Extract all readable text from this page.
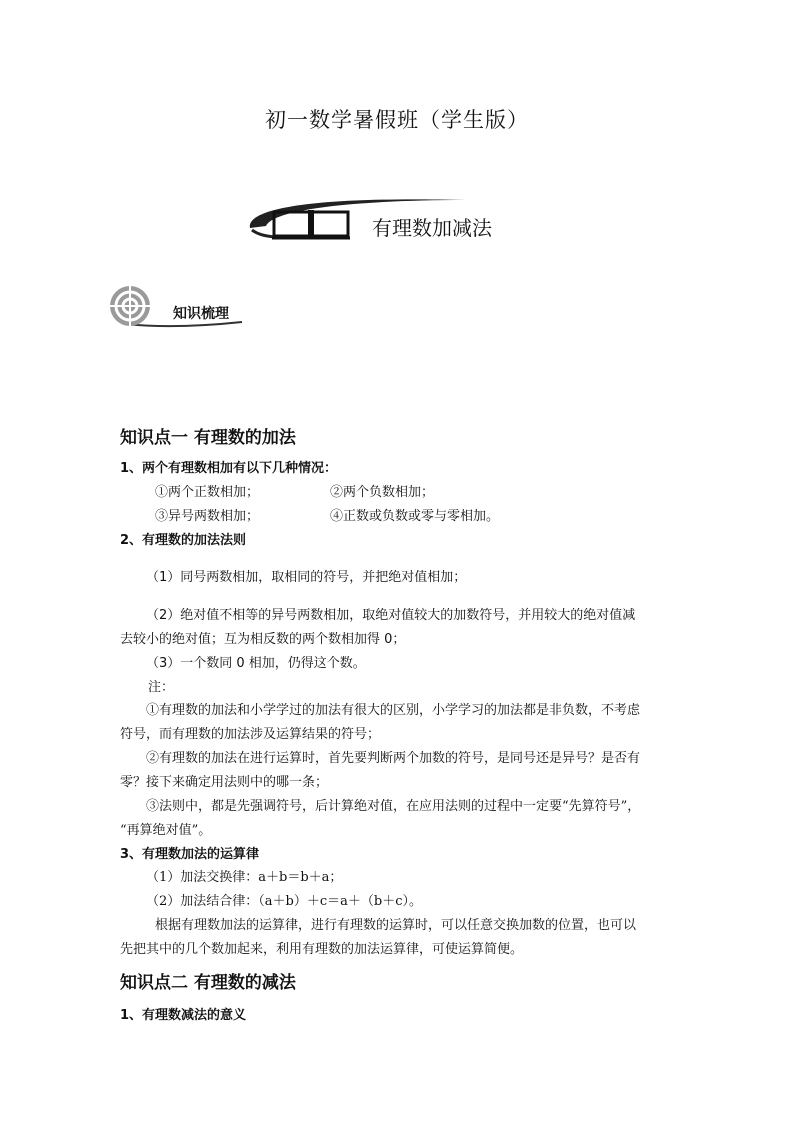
初一数学暑假班（学生版）
有理数加减法
知识梳理
知识点一 有理数的加法
1、两个有理数相加有以下几种情况：
①两个正数相加；	②两个负数相加；
③异号两数相加；	④正数或负数或零与零相加。
2、有理数的加法法则
（1）同号两数相加，取相同的符号，并把绝对值相加；
（2）绝对值不相等的异号两数相加，取绝对值较大的加数符号，并用较大的绝对值减
去较小的绝对值；互为相反数的两个数相加得 0；
（3）一个数同 0 相加，仍得这个数。
注：
①有理数的加法和小学学过的加法有很大的区别，小学学习的加法都是非负数，不考虑
符号，而有理数的加法涉及运算结果的符号；
②有理数的加法在进行运算时，首先要判断两个加数的符号，是同号还是异号？是否有
零？接下来确定用法则中的哪一条；
③法则中，都是先强调符号，后计算绝对值，在应用法则的过程中一定要“先算符号”，
“再算绝对值”。
3、有理数加法的运算律
（1）加法交换律：a＋b＝b＋a；
（2）加法结合律：（a＋b）＋c＝a＋（b＋c）。
根据有理数加法的运算律，进行有理数的运算时，可以任意交换加数的位置，也可以
先把其中的几个数加起来，利用有理数的加法运算律，可使运算简便。
知识点二 有理数的减法
1、有理数减法的意义
